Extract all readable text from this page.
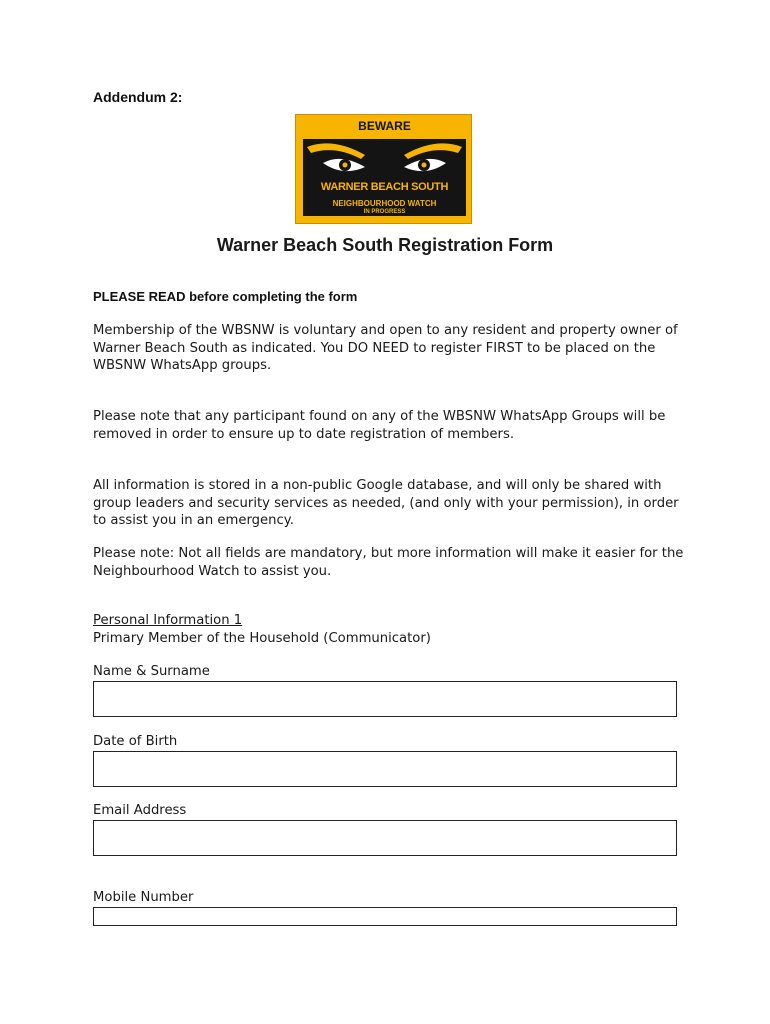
Addendum 2:
BEWARE
WARNER BEACH SOUTH
NEIGHBOURHOOD WATCH
IN PROGRESS
Warner Beach South Registration Form
PLEASE READ before completing the form

Membership of the WBSNW is voluntary and open to any resident and property owner of Warner Beach South as indicated. You DO NEED to register FIRST to be placed on the WBSNW WhatsApp groups.

Please note that any participant found on any of the WBSNW WhatsApp Groups will be removed in order to ensure up to date registration of members.

All information is stored in a non-public Google database, and will only be shared with group leaders and security services as needed, (and only with your permission), in order to assist you in an emergency.

Please note: Not all fields are mandatory, but more information will make it easier for the Neighbourhood Watch to assist you.

Personal Information 1
Primary Member of the Household (Communicator)
Name & Surname
Date of Birth
Email Address
Mobile Number
